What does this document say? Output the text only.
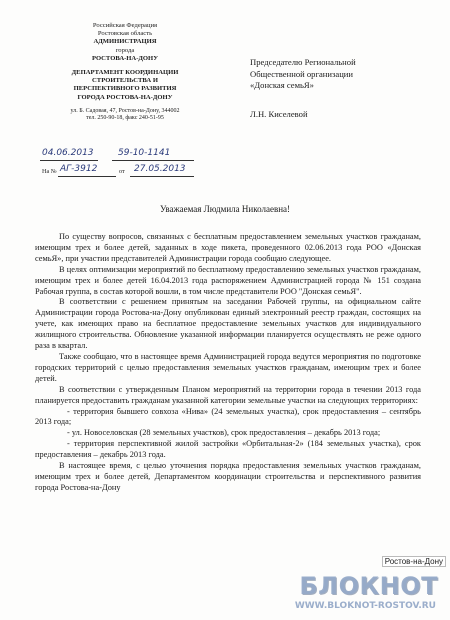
Российская Федерация
Ростовская область
АДМИНИСТРАЦИЯ
города
РОСТОВА-НА-ДОНУ
ДЕПАРТАМЕНТ КООРДИНАЦИИ
СТРОИТЕЛЬСТВА И
ПЕРСПЕКТИВНОГО РАЗВИТИЯ
ГОРОДА РОСТОВА-НА-ДОНУ
ул. Б. Садовая, 47, Ростов-на-Дону, 344002
тел. 250-90-18, факс 240-51-95
04.06.2013	59-10-1141
На № АГ-3912	от 27.05.2013
Председателю Региональной
Общественной организации
«Донская семьЯ»
Л.Н. Киселевой
Уважаемая Людмила Николаевна!

По существу вопросов, связанных с бесплатным предоставлением земельных участков гражданам, имеющим трех и более детей, заданных в ходе пикета, проведенного 02.06.2013 года РОО «Донская семьЯ», при участии представителей Администрации города сообщаю следующее.

В целях оптимизации мероприятий по бесплатному предоставлению земельных участков гражданам, имеющим трех и более детей 16.04.2013 года распоряжением Администрацией города № 151 создана Рабочая группа, в состав которой вошли, в том числе представители РОО "Донская семьЯ".

В соответствии с решением принятым на заседании Рабочей группы, на официальном сайте Администрации города Ростова-на-Дону опубликован единый электронный реестр граждан, состоящих на учете, как имеющих право на бесплатное предоставление земельных участков для индивидуального жилищного строительства. Обновление указанной информации планируется осуществлять не реже одного раза в квартал.

Также сообщаю, что в настоящее время Администрацией города ведутся мероприятия по подготовке городских территорий с целью предоставления земельных участков гражданам, имеющим трех и более детей.

В соответствии с утвержденным Планом мероприятий на территории города в течении 2013 года планируется предоставить гражданам указанной категории земельные участки на следующих территориях:

- территория бывшего совхоза «Нива» (24 земельных участка), срок предоставления – сентябрь 2013 года;

- ул. Новоселовская (28 земельных участков), срок предоставления – декабрь 2013 года;

- территория перспективной жилой застройки «Орбитальная-2» (184 земельных участка), срок предоставления – декабрь 2013 года.

В настоящее время, с целью уточнения порядка предоставления земельных участков гражданам, имеющим трех и более детей, Департаментом координации строительства и перспективного развития города Ростова-на-Дону

Ростов-на-Дону
БЛОКНОТ
WWW.BLOKNOT-ROSTOV.RU
